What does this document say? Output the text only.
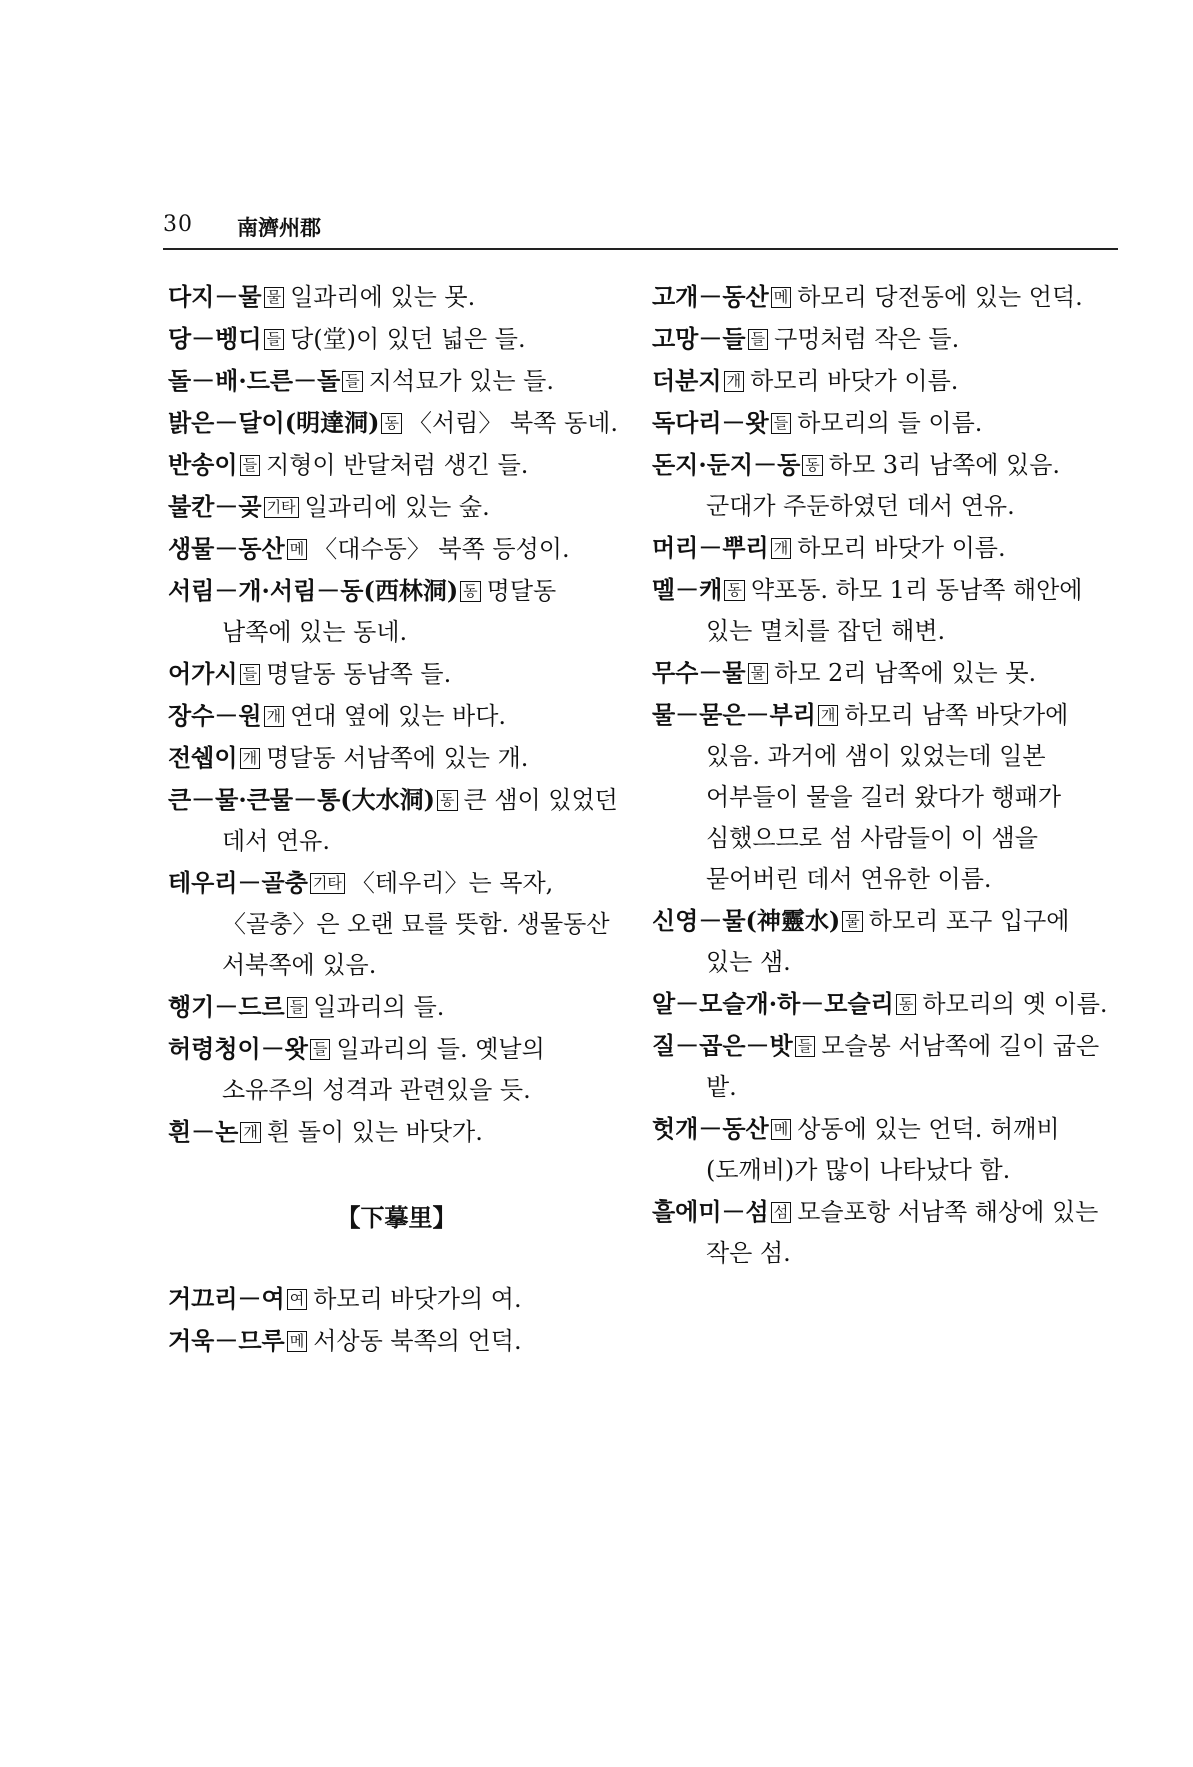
30 南濟州郡

다지－물 물 일과리에 있는 못.

당－벵디 들 당(堂)이 있던 넓은 들.

돌－배·드른－돌 들 지석묘가 있는 들.

밝은－달이(明達洞) 동 〈서림〉 북쪽 동네.

반송이 들 지형이 반달처럼 생긴 들.

불칸－곶 기타 일과리에 있는 숲.

생물－동산 메 〈대수동〉 북쪽 등성이.

서림－개·서림－동(西林洞) 동 명달동 남쪽에 있는 동네.

어가시 들 명달동 동남쪽 들.

장수－원 개 연대 옆에 있는 바다.

전쉡이 개 명달동 서남쪽에 있는 개.

큰－물·큰물－통(大水洞) 동 큰 샘이 있었던 데서 연유.

테우리－골충 기타 〈테우리〉는 목자, 〈골충〉은 오랜 묘를 뜻함. 생물동산 서북쪽에 있음.

행기－드르 들 일과리의 들.

허령청이－왓 들 일과리의 들. 옛날의 소유주의 성격과 관련있을 듯.

흰－논 개 흰 돌이 있는 바닷가.

【下摹里】

거끄리－여 여 하모리 바닷가의 여.

거욱－므루 메 서상동 북쪽의 언덕.

고개－동산 메 하모리 당전동에 있는 언덕.

고망－들 들 구멍처럼 작은 들.

더분지 개 하모리 바닷가 이름.

독다리－왓 들 하모리의 들 이름.

돈지·둔지－동 동 하모 3리 남쪽에 있음. 군대가 주둔하였던 데서 연유.

머리－뿌리 개 하모리 바닷가 이름.

멜－캐 동 약포동. 하모 1리 동남쪽 해안에 있는 멸치를 잡던 해변.

무수－물 물 하모 2리 남쪽에 있는 못.

물－묻은－부리 개 하모리 남쪽 바닷가에 있음. 과거에 샘이 있었는데 일본 어부들이 물을 길러 왔다가 행패가 심했으므로 섬 사람들이 이 샘을 묻어버린 데서 연유한 이름.

신영－물(神靈水) 물 하모리 포구 입구에 있는 샘.

알－모슬개·하－모슬리 동 하모리의 옛 이름.

질－곱은－밧 들 모슬봉 서남쪽에 길이 굽은 밭.

헛개－동산 메 상동에 있는 언덕. 허깨비(도깨비)가 많이 나타났다 함.

흘에미－섬 섬 모슬포항 서남쪽 해상에 있는 작은 섬.
